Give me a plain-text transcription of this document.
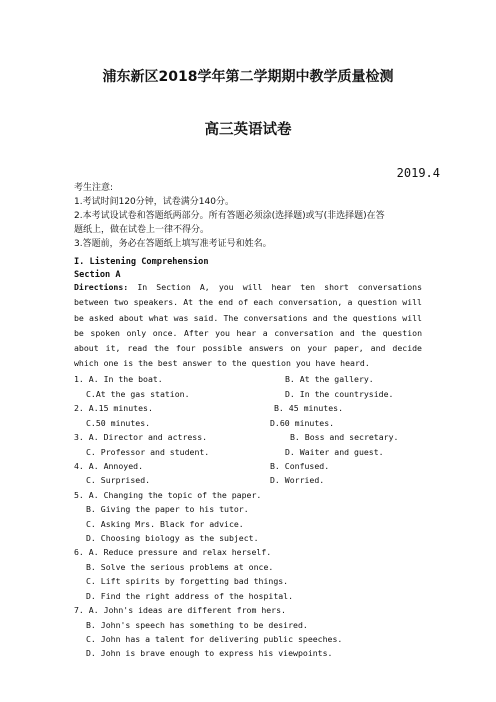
浦东新区2018学年第二学期期中教学质量检测
高三英语试卷
2019.4
考生注意:
1.考试时间120分钟，试卷满分140分。
2.本考试设试卷和答题纸两部分。所有答题必须涂(选择题)或写(非选择题)在答
题纸上，做在试卷上一律不得分。
3.答题前，务必在答题纸上填写准考证号和姓名。
I. Listening Comprehension
Section A
Directions: In Section A, you will hear ten short conversations between two speakers. At the end of each conversation, a question will be asked about what was said. The conversations and the questions will be spoken only once. After you hear a conversation and the question about it, read the four possible answers on your paper, and decide which one is the best answer to the question you have heard.
1. A. In the boat.	B. At the gallery.
C.At the gas station.	D. In the countryside.
2. A.15 minutes.	B. 45 minutes.
C.50 minutes.	D.60 minutes.
3. A. Director and actress.	B. Boss and secretary.
C. Professor and student.	D. Waiter and guest.
4. A. Annoyed.	B. Confused.
C. Surprised.	D. Worried.
5. A. Changing the topic of the paper.
B. Giving the paper to his tutor.
C. Asking Mrs. Black for advice.
D. Choosing biology as the subject.
6. A. Reduce pressure and relax herself.
B. Solve the serious problems at once.
C. Lift spirits by forgetting bad things.
D. Find the right address of the hospital.
7. A. John's ideas are different from hers.
B. John's speech has something to be desired.
C. John has a talent for delivering public speeches.
D. John is brave enough to express his viewpoints.
